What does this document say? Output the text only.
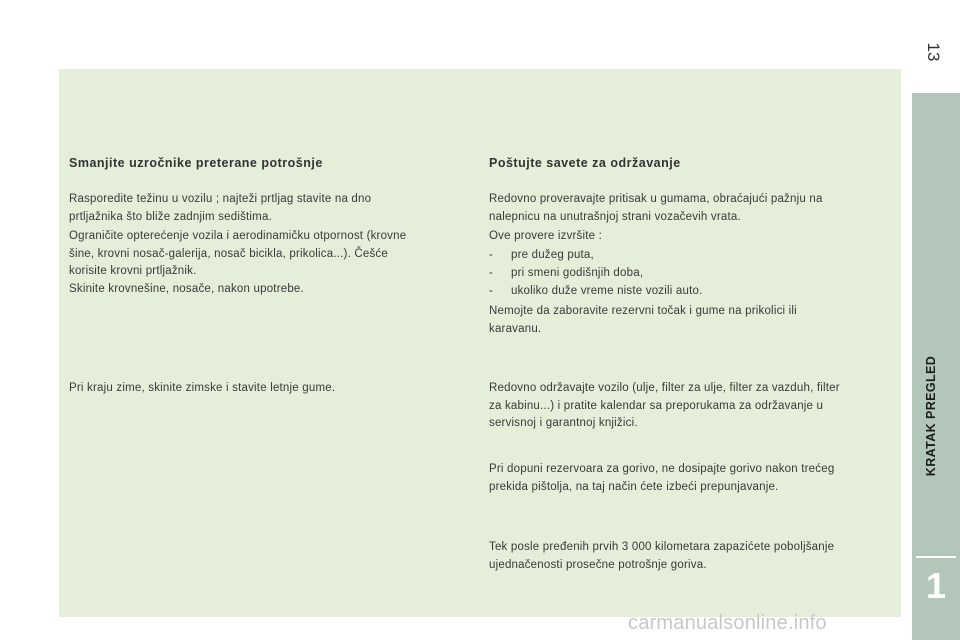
13
Smanjite uzročnike preterane potrošnje

Rasporedite težinu u vozilu ; najteži prtljag stavite na dno
prtljažnika što bliže zadnjim sedištima.

Ograničite opterećenje vozila i aerodinamičku otpornost (krovne
šine, krovni nosač-galerija, nosač bicikla, prikolica...). Češće
korisite krovni prtljažnik.

Skinite krovnešine, nosače, nakon upotrebe.

Pri kraju zime, skinite zimske i stavite letnje gume.

Poštujte savete za održavanje

Redovno proveravajte pritisak u gumama, obraćajući pažnju na
nalepnicu na unutrašnjoj strani vozačevih vrata.

Ove provere izvršite :

- pre dužeg puta,
- pri smeni godišnjih doba,
- ukoliko duže vreme niste vozili auto.

Nemojte da zaboravite rezervni točak i gume na prikolici ili
karavanu.

Redovno održavajte vozilo (ulje, filter za ulje, filter za vazduh, filter
za kabinu...) i pratite kalendar sa preporukama za održavanje u
servisnoj i garantnoj knjižici.

Pri dopuni rezervoara za gorivo, ne dosipajte gorivo nakon trećeg
prekida pištolja, na taj način ćete izbeći prepunjavanje.

Tek posle pređenih prvih 3 000 kilometara zapazićete poboljšanje
ujednačenosti prosečne potrošnje goriva.

KRATAK PREGLED
1
carmanualsonline.info
